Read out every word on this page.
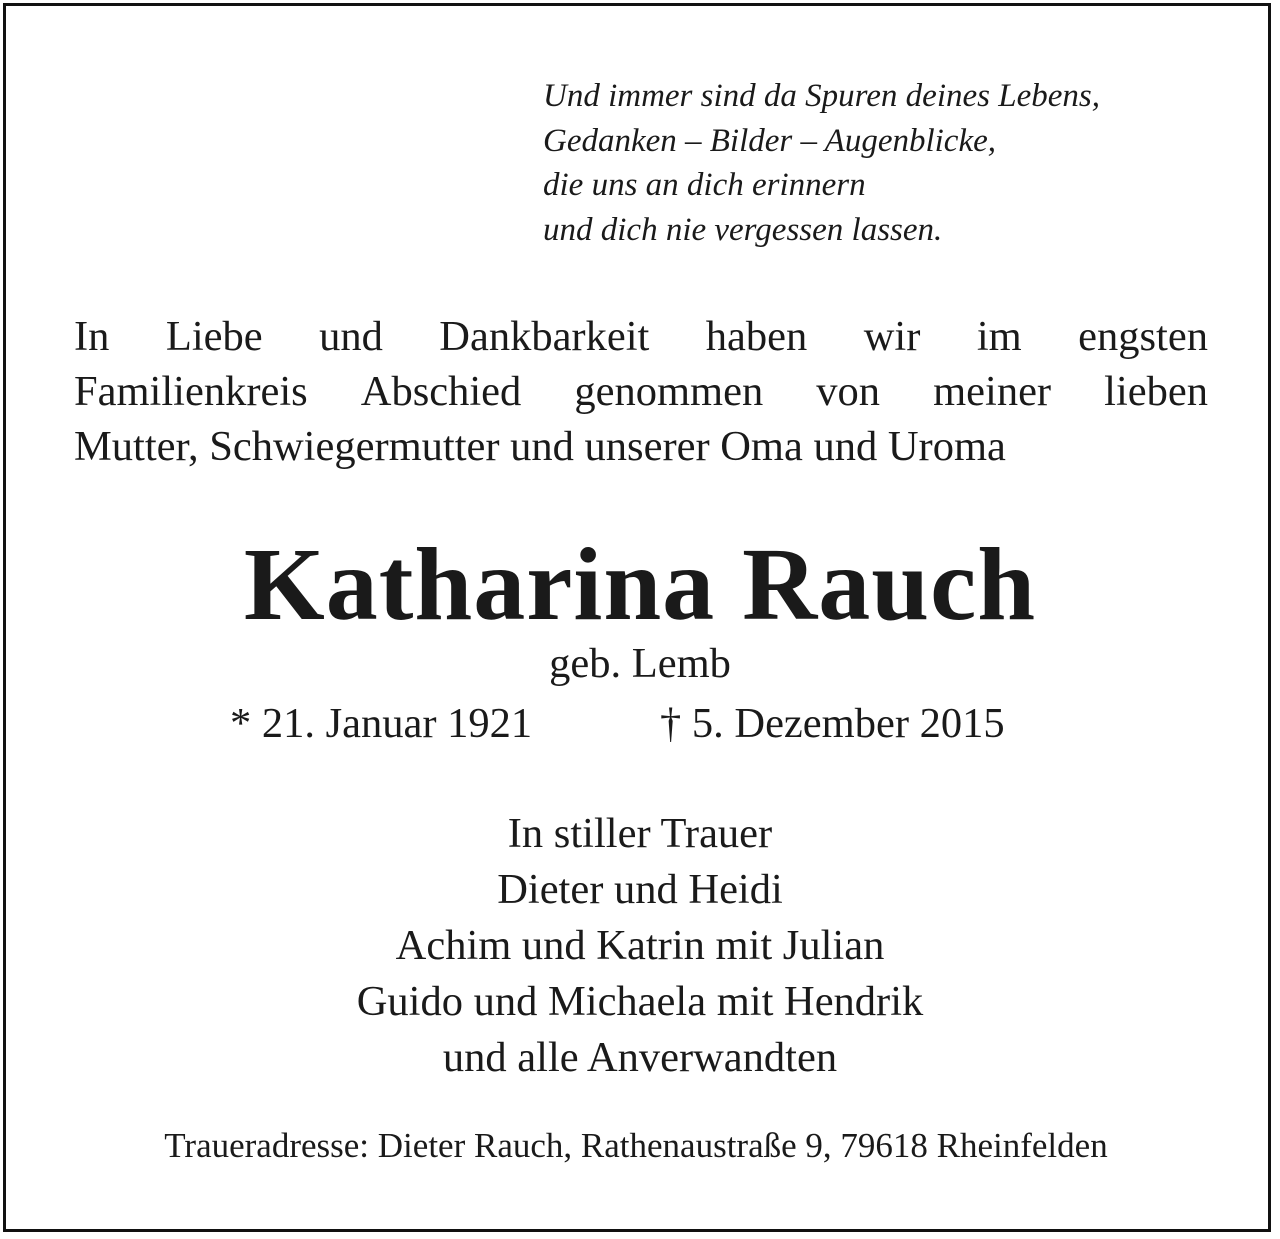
Und immer sind da Spuren deines Lebens,
Gedanken – Bilder – Augenblicke,
die uns an dich erinnern
und dich nie vergessen lassen.
In Liebe und Dankbarkeit haben wir im engsten
Familienkreis Abschied genommen von meiner lieben
Mutter, Schwiegermutter und unserer Oma und Uroma
Katharina Rauch
geb. Lemb
* 21. Januar 1921	† 5. Dezember 2015
In stiller Trauer
Dieter und Heidi
Achim und Katrin mit Julian
Guido und Michaela mit Hendrik
und alle Anverwandten
Traueradresse: Dieter Rauch, Rathenaustraße 9, 79618 Rheinfelden
